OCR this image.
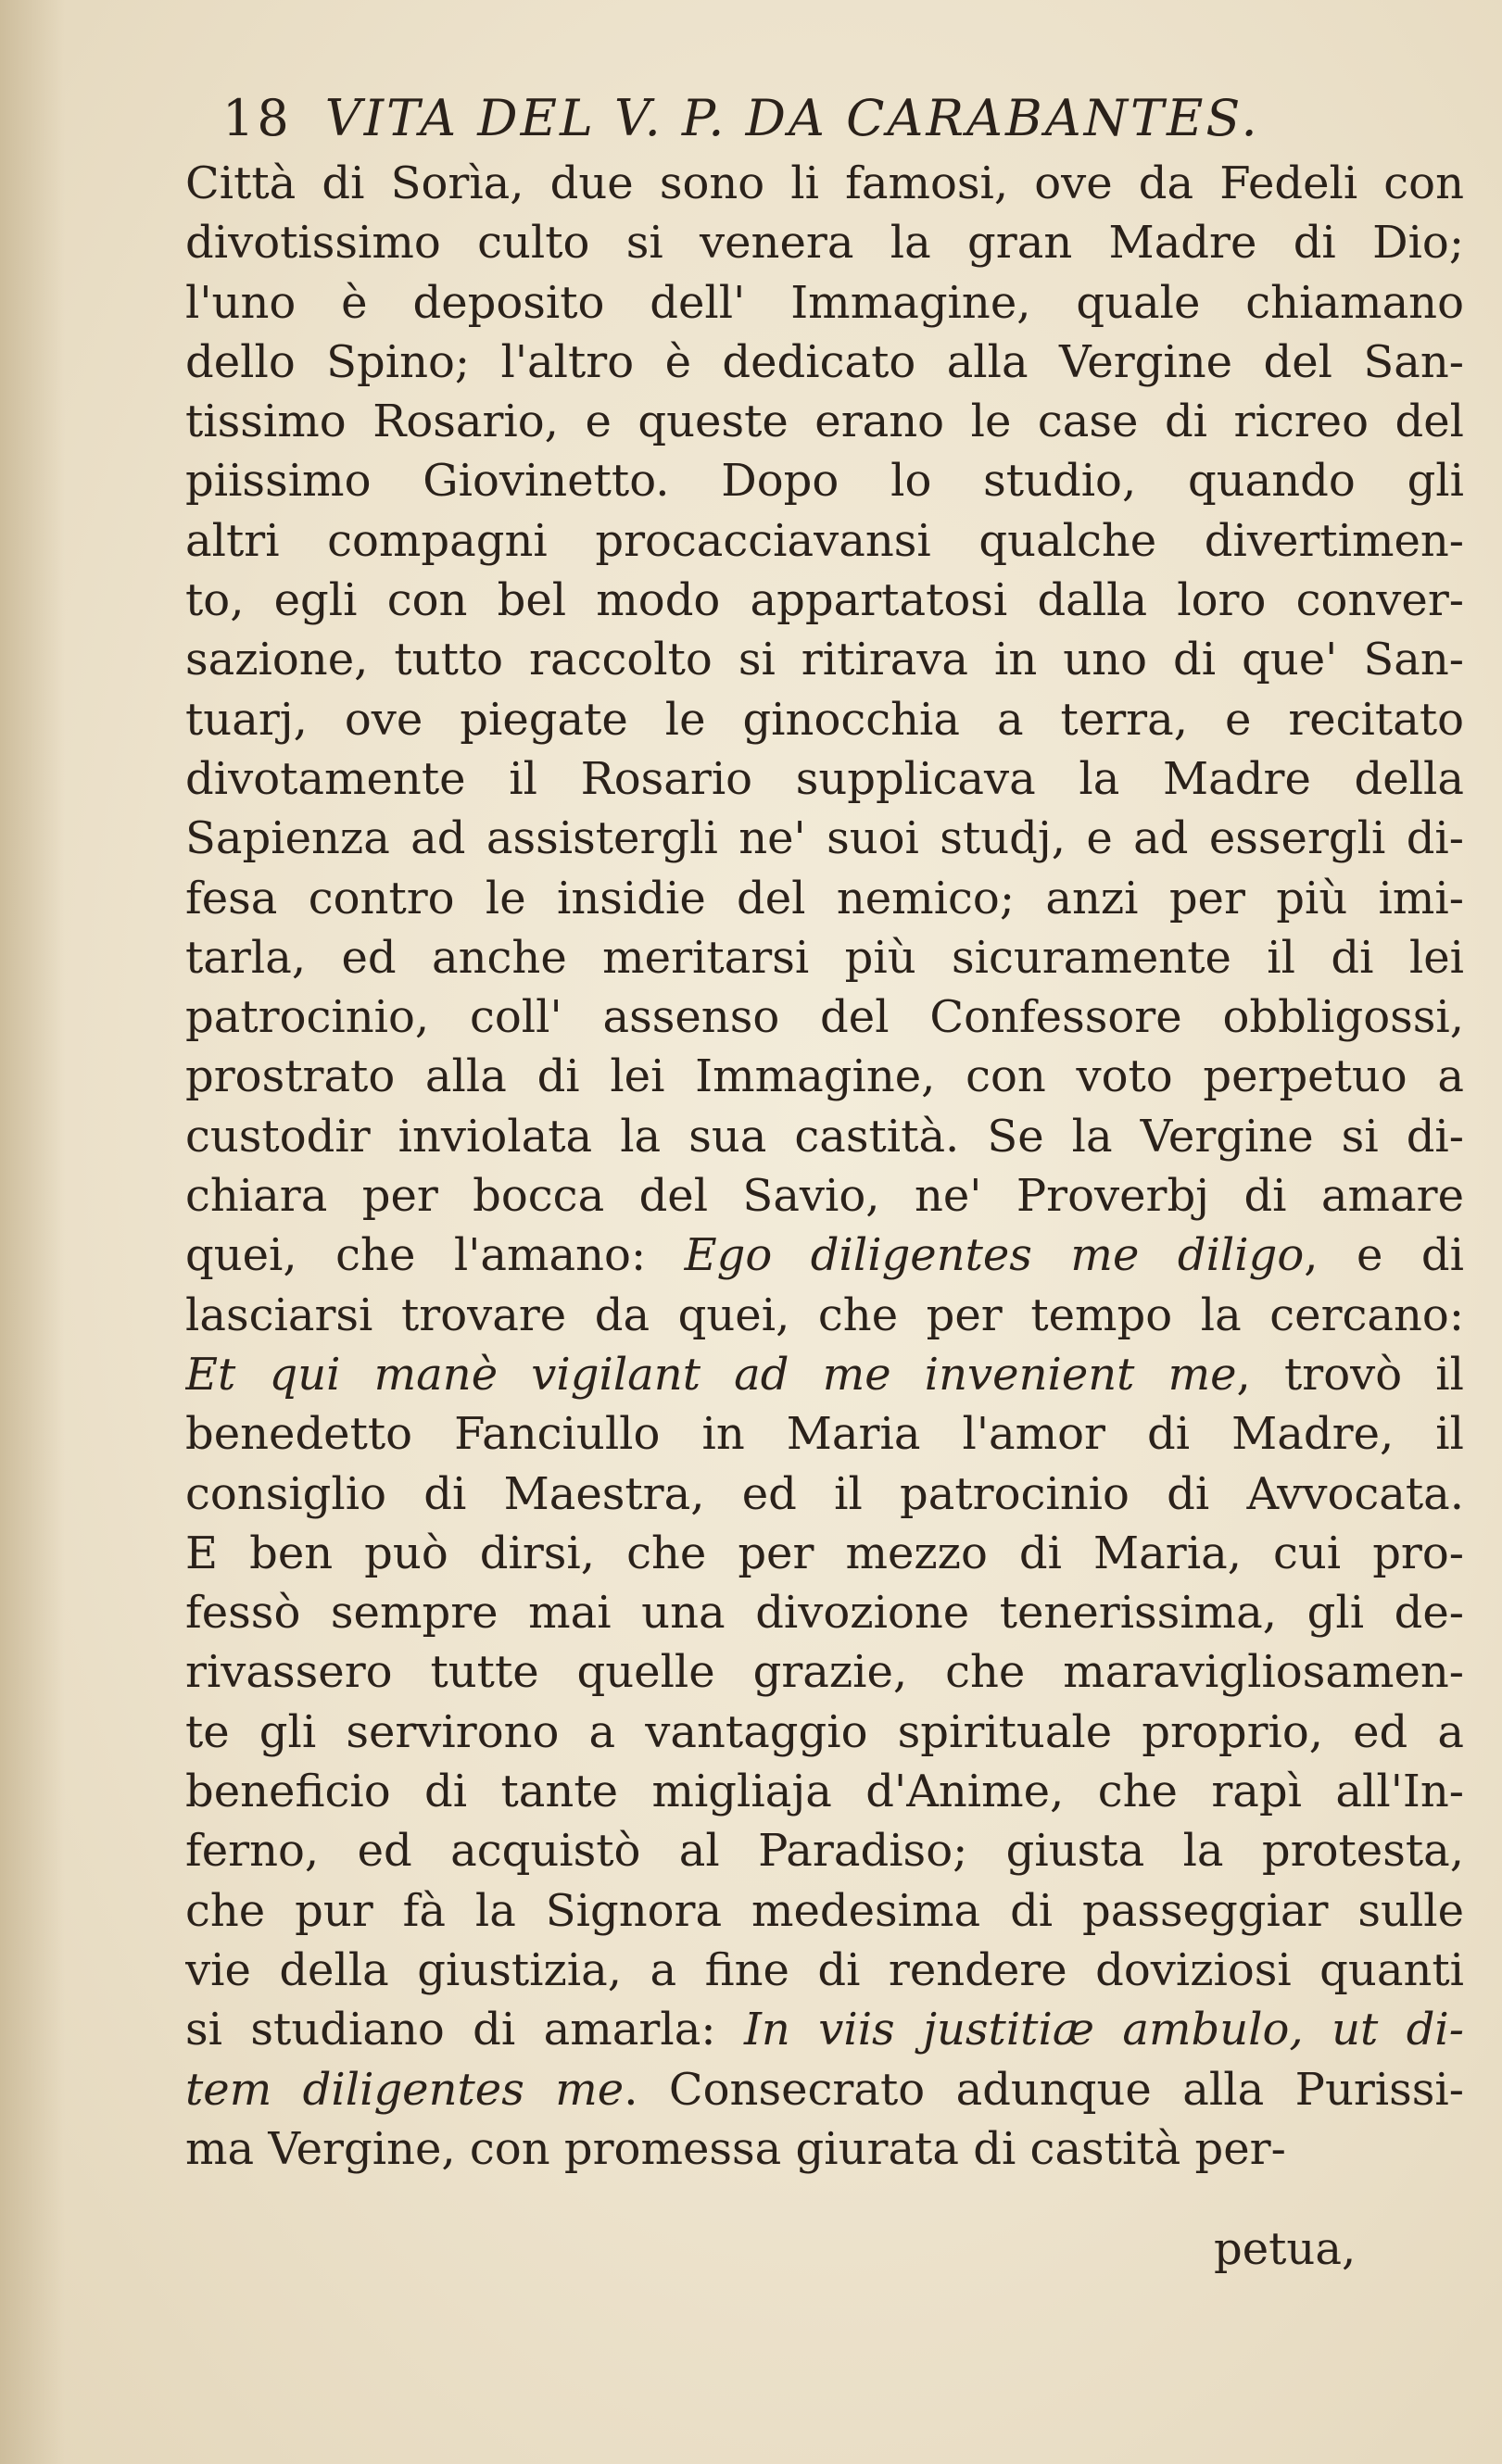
18 VITA DEL V. P. DA CARABANTES.
Città di Sorìa, due sono li famosi, ove da Fedeli con
divotissimo culto si venera la gran Madre di Dio;
l'uno è deposito dell' Immagine, quale chiamano
dello Spino; l'altro è dedicato alla Vergine del San-
tissimo Rosario, e queste erano le case di ricreo del
piissimo Giovinetto. Dopo lo studio, quando gli
altri compagni procacciavansi qualche divertimen-
to, egli con bel modo appartatosi dalla loro conver-
sazione, tutto raccolto si ritirava in uno di que' San-
tuarj, ove piegate le ginocchia a terra, e recitato
divotamente il Rosario supplicava la Madre della
Sapienza ad assistergli ne' suoi studj, e ad essergli di-
fesa contro le insidie del nemico; anzi per più imi-
tarla, ed anche meritarsi più sicuramente il di lei
patrocinio, coll' assenso del Confessore obbligossi,
prostrato alla di lei Immagine, con voto perpetuo a
custodir inviolata la sua castità. Se la Vergine si di-
chiara per bocca del Savio, ne' Proverbj di amare
quei, che l'amano: Ego diligentes me diligo, e di
lasciarsi trovare da quei, che per tempo la cercano:
Et qui manè vigilant ad me invenient me, trovò il
benedetto Fanciullo in Maria l'amor di Madre, il
consiglio di Maestra, ed il patrocinio di Avvocata.
E ben può dirsi, che per mezzo di Maria, cui pro-
fessò sempre mai una divozione tenerissima, gli de-
rivassero tutte quelle grazie, che maravigliosamen-
te gli servirono a vantaggio spirituale proprio, ed a
beneficio di tante migliaja d'Anime, che rapì all'In-
ferno, ed acquistò al Paradiso; giusta la protesta,
che pur fà la Signora medesima di passeggiar sulle
vie della giustizia, a fine di rendere doviziosi quanti
si studiano di amarla: In viis justitiæ ambulo, ut di-
tem diligentes me. Consecrato adunque alla Purissi-
ma Vergine, con promessa giurata di castità per-
petua,
